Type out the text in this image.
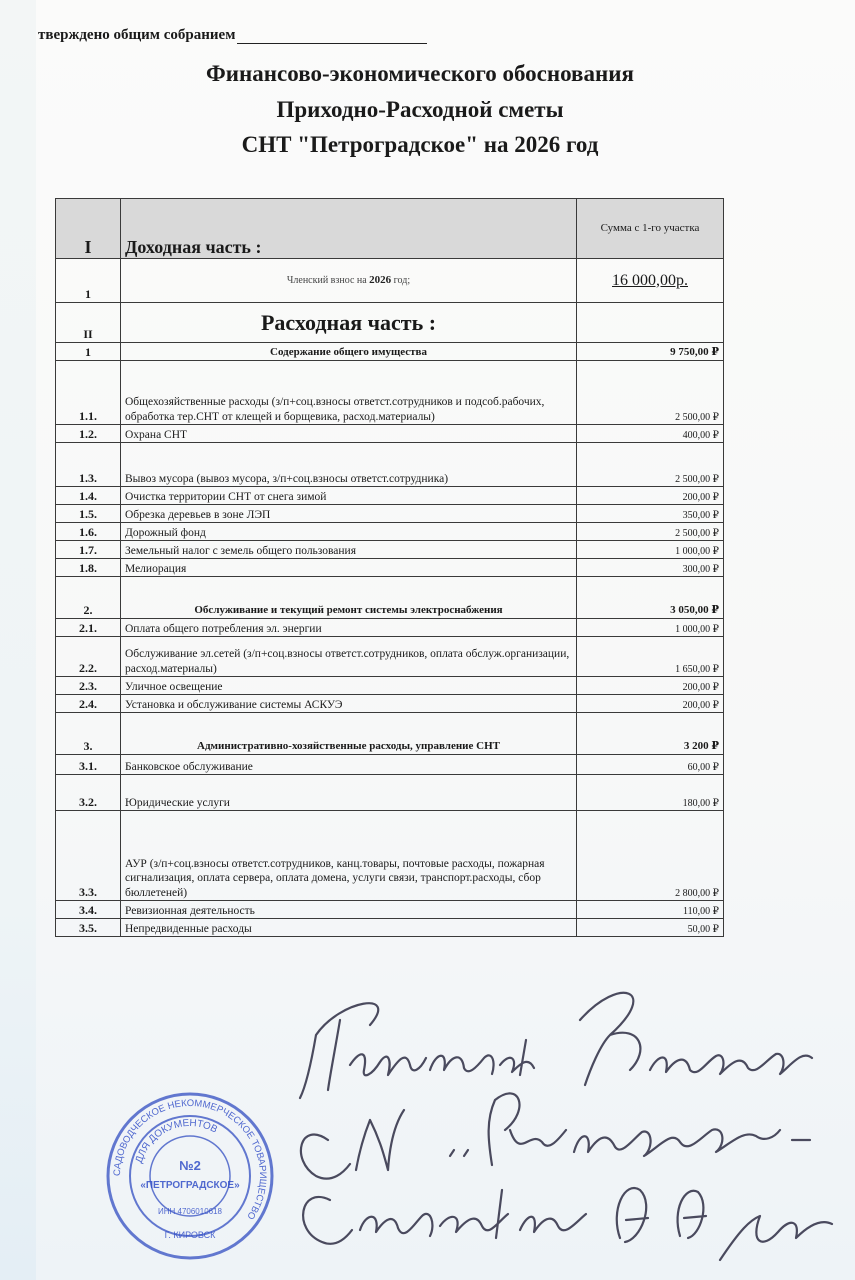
тверждено общим собранием
Финансово-экономического обоснования
Приходно-Расходной сметы
СНТ "Петроградское" на 2026 год
I	Доходная часть :	Сумма с 1-го участка
1	Членский взнос на 2026 год;	16 000,00р.
II	Расходная часть :	
1	Содержание общего имущества	9 750,00 ₽
1.1.	Общехозяйственные расходы (з/п+соц.взносы ответст.сотрудников и подсоб.рабочих, обработка тер.СНТ от клещей и борщевика, расход.материалы)	2 500,00 ₽
1.2.	Охрана СНТ	400,00 ₽
1.3.	Вывоз мусора (вывоз мусора, з/п+соц.взносы ответст.сотрудника)	2 500,00 ₽
1.4.	Очистка территории СНТ от снега зимой	200,00 ₽
1.5.	Обрезка деревьев в зоне ЛЭП	350,00 ₽
1.6.	Дорожный фонд	2 500,00 ₽
1.7.	Земельный налог с земель общего пользования	1 000,00 ₽
1.8.	Мелиорация	300,00 ₽
2.	Обслуживание и текущий ремонт системы электроснабжения	3 050,00 ₽
2.1.	Оплата общего потребления эл. энергии	1 000,00 ₽
2.2.	Обслуживание эл.сетей (з/п+соц.взносы ответст.сотрудников, оплата обслуж.организации, расход.материалы)	1 650,00 ₽
2.3.	Уличное освещение	200,00 ₽
2.4.	Установка и обслуживание системы АСКУЭ	200,00 ₽
3.	Административно-хозяйственные расходы, управление СНТ	3 200 ₽
3.1.	Банковское обслуживание	60,00 ₽
3.2.	Юридические услуги	180,00 ₽
3.3.	АУР (з/п+соц.взносы ответст.сотрудников, канц.товары, почтовые расходы, пожарная сигнализация, оплата сервера, оплата домена, услуги связи, транспорт.расходы, сбор бюллетеней)	2 800,00 ₽
3.4.	Ревизионная деятельность	110,00 ₽
3.5.	Непредвиденные расходы	50,00 ₽
САДОВОДЧЕСКОЕ НЕКОММЕРЧЕСКОЕ ТОВАРИЩЕСТВО
ДЛЯ ДОКУМЕНТОВ
№2
«ПЕТРОГРАДСКОЕ»
ИНН 4706010618
Г. КИРОВСК
